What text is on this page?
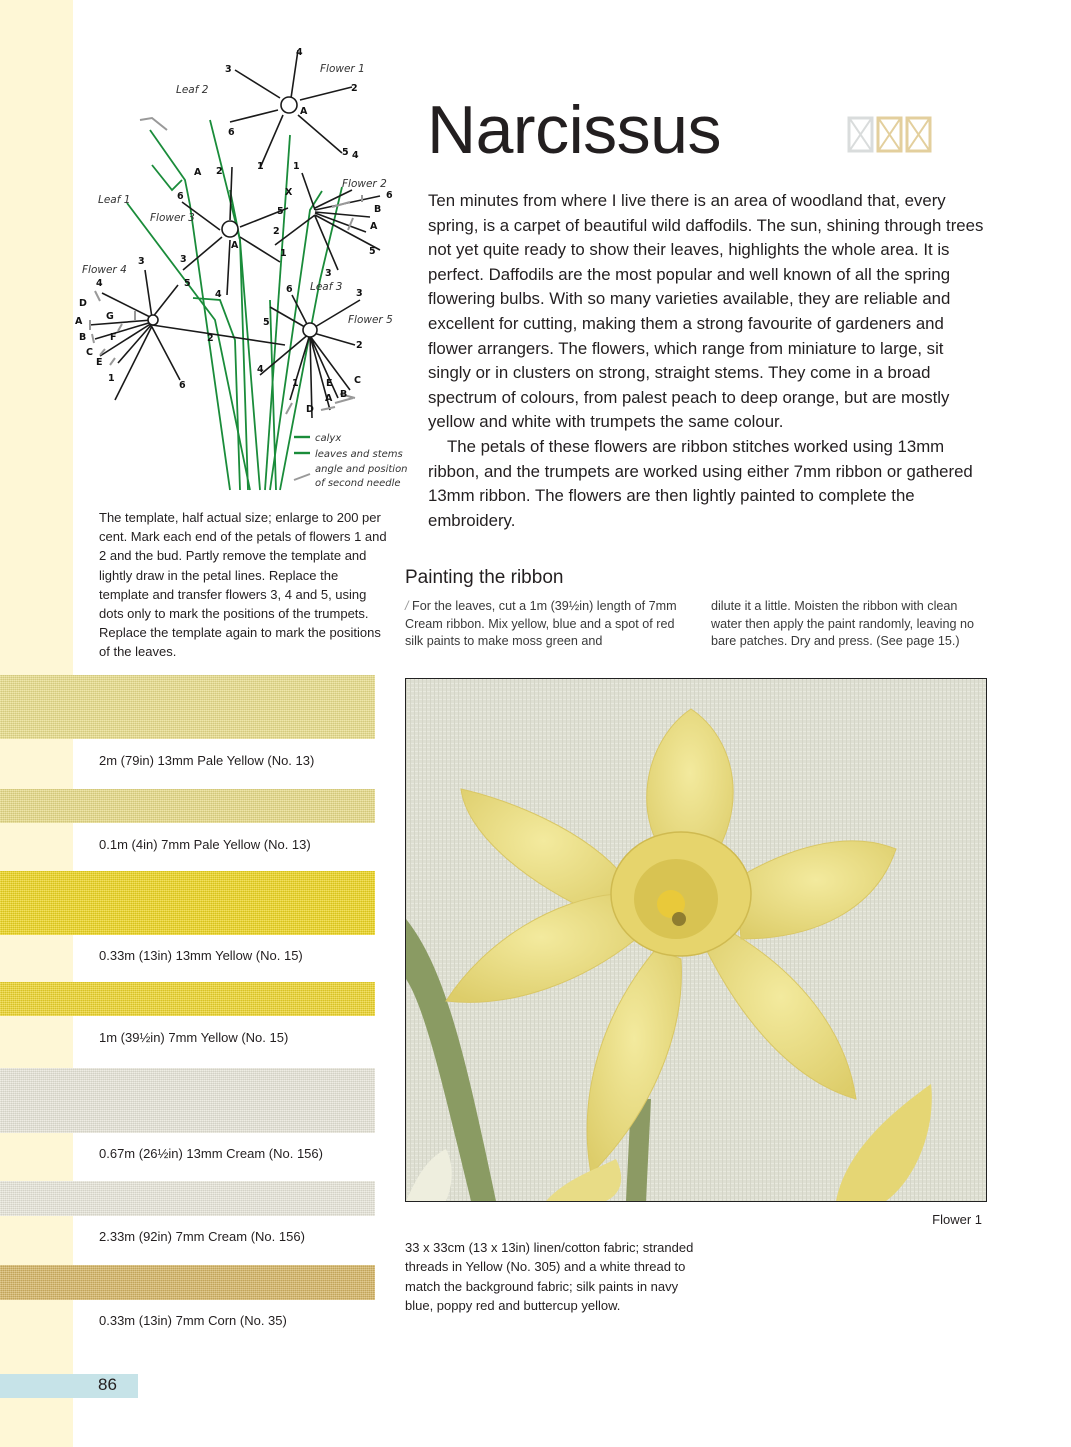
Flower 1
Flower 2
Flower 3
Flower 4
Flower 5
Leaf 1
Leaf 2
Leaf 3
calyx
leaves and stems
angle and position
of second needle
4
3
2
6
1
5
A
A 2	1
4
6
5
2
A
1
3
X	6
B
A
5
3
3
4	5
D
G
A
B	F
C
E
1
2
6
4	3
6
5
2
4
1	E C
B
A
D
The template, half actual size; enlarge to 200 per cent. Mark each end of the petals of flowers 1 and 2 and the bud. Partly remove the template and lightly draw in the petal lines. Replace the template and transfer flowers 3, 4 and 5, using dots only to mark the positions of the trumpets. Replace the template again to mark the positions of the leaves.
Narcissus

Ten minutes from where I live there is an area of woodland that, every spring, is a carpet of beautiful wild daffodils. The sun, shining through trees not yet quite ready to show their leaves, highlights the whole area. It is perfect. Daffodils are the most popular and well known of all the spring flowering bulbs. With so many varieties available, they are reliable and excellent for cutting, making them a strong favourite of gardeners and flower arrangers. The flowers, which range from miniature to large, sit singly or in clusters on strong, straight stems. They come in a broad spectrum of colours, from palest peach to deep orange, but are mostly yellow and white with trumpets the same colour.

The petals of these flowers are ribbon stitches worked using 13mm ribbon, and the trumpets are worked using either 7mm ribbon or gathered 13mm ribbon. The flowers are then lightly painted to complete the embroidery.

Painting the ribbon
/ For the leaves, cut a 1m (39½in) length of 7mm Cream ribbon. Mix yellow, blue and a spot of red silk paints to make moss green and
dilute it a little. Moisten the ribbon with clean water then apply the paint randomly, leaving no bare patches. Dry and press. (See page 15.)
2m (79in) 13mm Pale Yellow (No. 13)
0.1m (4in) 7mm Pale Yellow (No. 13)
0.33m (13in) 13mm Yellow (No. 15)
1m (39½in) 7mm Yellow (No. 15)
0.67m (26½in) 13mm Cream (No. 156)
2.33m (92in) 7mm Cream (No. 156)
0.33m (13in) 7mm Corn (No. 35)
Flower 1
33 x 33cm (13 x 13in) linen/cotton fabric; stranded threads in Yellow (No. 305) and a white thread to match the background fabric; silk paints in navy blue, poppy red and buttercup yellow.
86
